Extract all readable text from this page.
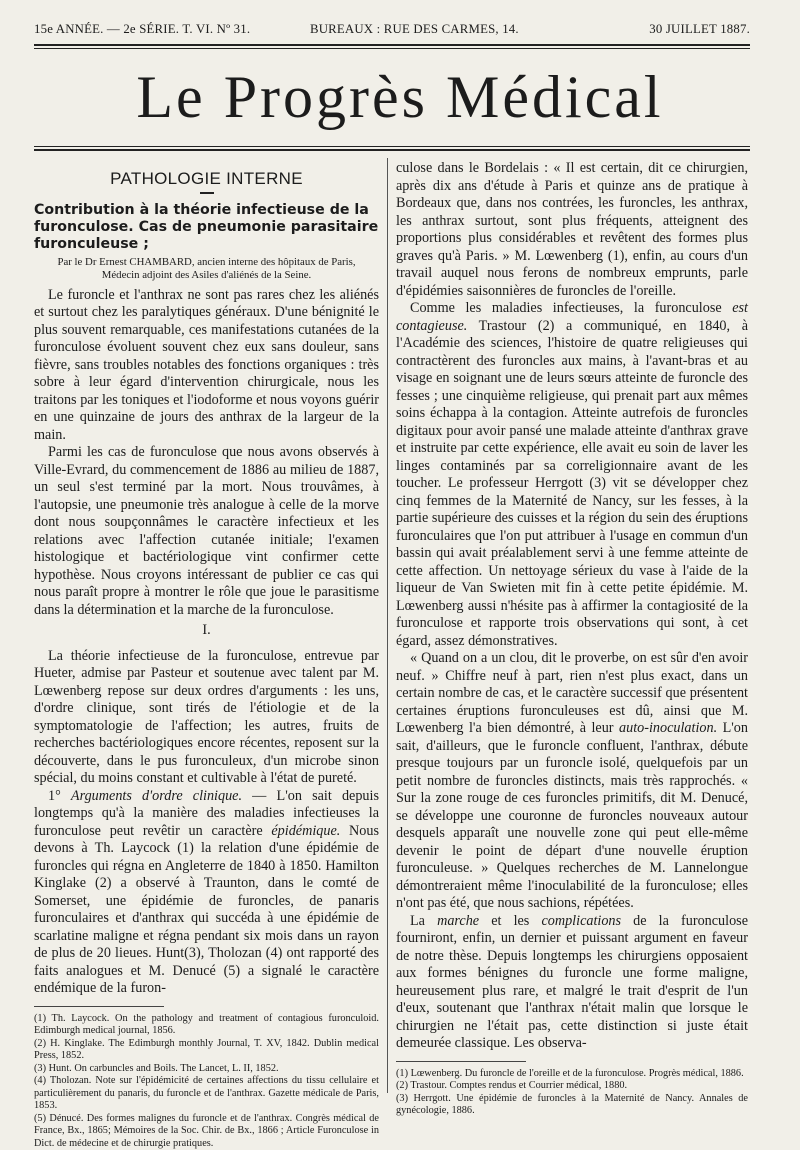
15e ANNÉE. — 2e SÉRIE. T. VI. Nº 31.	BUREAUX : RUE DES CARMES, 14.	30 JUILLET 1887.
Le Progrès Médical
PATHOLOGIE INTERNE
Contribution à la théorie infectieuse de la furonculose. Cas de pneumonie parasitaire furonculeuse ;
Par le Dr Ernest CHAMBARD, ancien interne des hôpitaux de Paris,
Médecin adjoint des Asiles d'aliénés de la Seine.

Le furoncle et l'anthrax ne sont pas rares chez les aliénés et surtout chez les paralytiques généraux. D'une bénignité le plus souvent remarquable, ces manifestations cutanées de la furonculose évoluent souvent chez eux sans douleur, sans fièvre, sans troubles notables des fonctions organiques : très sobre à leur égard d'intervention chirurgicale, nous les traitons par les toniques et l'iodoforme et nous voyons guérir en une quinzaine de jours des anthrax de la largeur de la main.

Parmi les cas de furonculose que nous avons observés à Ville-Evrard, du commencement de 1886 au milieu de 1887, un seul s'est terminé par la mort. Nous trouvâmes, à l'autopsie, une pneumonie très analogue à celle de la morve dont nous soupçonnâmes le caractère infectieux et les relations avec l'affection cutanée initiale; l'examen histologique et bactériologique vint confirmer cette hypothèse. Nous croyons intéressant de publier ce cas qui nous paraît propre à montrer le rôle que joue le parasitisme dans la détermination et la marche de la furonculose.

I.

La théorie infectieuse de la furonculose, entrevue par Hueter, admise par Pasteur et soutenue avec talent par M. Lœwenberg repose sur deux ordres d'arguments : les uns, d'ordre clinique, sont tirés de l'étiologie et de la symptomatologie de l'affection; les autres, fruits de recherches bactériologiques encore récentes, reposent sur la découverte, dans le pus furonculeux, d'un microbe sinon spécial, du moins constant et cultivable à l'état de pureté.

1° Arguments d'ordre clinique. — L'on sait depuis longtemps qu'à la manière des maladies infectieuses la furonculose peut revêtir un caractère épidémique. Nous devons à Th. Laycock (1) la relation d'une épidémie de furoncles qui régna en Angleterre de 1840 à 1850. Hamilton Kinglake (2) a observé à Traunton, dans le comté de Somerset, une épidémie de furoncles, de panaris furonculaires et d'anthrax qui succéda à une épidémie de scarlatine maligne et régna pendant six mois dans un rayon de plus de 20 lieues. Hunt(3), Tholozan (4) ont rapporté des faits analogues et M. Denucé (5) a signalé le caractère endémique de la furon-

(1) Th. Laycock. On the pathology and treatment of contagious furonculoid. Edimburgh medical journal, 1856.
(2) H. Kinglake. The Edimburgh monthly Journal, T. XV, 1842. Dublin medical Press, 1852.
(3) Hunt. On carbuncles and Boils. The Lancet, L. II, 1852.
(4) Tholozan. Note sur l'épidémicité de certaines affections du tissu cellulaire et particulièrement du panaris, du furoncle et de l'anthrax. Gazette médicale de Paris, 1853.
(5) Dénucé. Des formes malignes du furoncle et de l'anthrax. Congrès médical de France, Bx., 1865; Mémoires de la Soc. Chir. de Bx., 1866 ; Article Furonculose in Dict. de médecine et de chirurgie pratiques.

culose dans le Bordelais : « Il est certain, dit ce chirurgien, après dix ans d'étude à Paris et quinze ans de pratique à Bordeaux que, dans nos contrées, les furoncles, les anthrax, les anthrax surtout, sont plus fréquents, atteignent des proportions plus considérables et revêtent des formes plus graves qu'à Paris. » M. Lœwenberg (1), enfin, au cours d'un travail auquel nous ferons de nombreux emprunts, parle d'épidémies saisonnières de furoncles de l'oreille.

Comme les maladies infectieuses, la furonculose est contagieuse. Trastour (2) a communiqué, en 1840, à l'Académie des sciences, l'histoire de quatre religieuses qui contractèrent des furoncles aux mains, à l'avant-bras et au visage en soignant une de leurs sœurs atteinte de furoncle des fesses ; une cinquième religieuse, qui prenait part aux mêmes soins échappa à la contagion. Atteinte autrefois de furoncles digitaux pour avoir pansé une malade atteinte d'anthrax grave et instruite par cette expérience, elle avait eu soin de laver les linges contaminés par sa correligionnaire avant de les toucher. Le professeur Herrgott (3) vit se développer chez cinq femmes de la Maternité de Nancy, sur les fesses, à la partie supérieure des cuisses et la région du sein des éruptions furonculaires que l'on put attribuer à l'usage en commun d'un bassin qui avait préalablement servi à une femme atteinte de cette affection. Un nettoyage sérieux du vase à l'aide de la liqueur de Van Swieten mit fin à cette petite épidémie. M. Lœwenberg aussi n'hésite pas à affirmer la contagiosité de la furonculose et rapporte trois observations qui sont, à cet égard, assez démonstratives.

« Quand on a un clou, dit le proverbe, on est sûr d'en avoir neuf. » Chiffre neuf à part, rien n'est plus exact, dans un certain nombre de cas, et le caractère successif que présentent certaines éruptions furonculeuses est dû, ainsi que M. Lœwenberg l'a bien démontré, à leur auto-inoculation. L'on sait, d'ailleurs, que le furoncle confluent, l'anthrax, débute presque toujours par un furoncle isolé, quelquefois par un petit nombre de furoncles distincts, mais très rapprochés. « Sur la zone rouge de ces furoncles primitifs, dit M. Denucé, se développe une couronne de furoncles nouveaux autour desquels apparaît une nouvelle zone qui peut elle-même devenir le point de départ d'une nouvelle éruption furonculeuse. » Quelques recherches de M. Lannelongue démontreraient même l'inoculabilité de la furonculose; elles n'ont pas été, que nous sachions, répétées.

La marche et les complications de la furonculose fourniront, enfin, un dernier et puissant argument en faveur de notre thèse. Depuis longtemps les chirurgiens opposaient aux formes bénignes du furoncle une forme maligne, heureusement plus rare, et malgré le trait d'esprit de l'un d'eux, soutenant que l'anthrax n'était malin que lorsque le chirurgien ne l'était pas, cette distinction si juste était demeurée classique. Les observa-

(1) Lœwenberg. Du furoncle de l'oreille et de la furonculose. Progrès médical, 1886.
(2) Trastour. Comptes rendus et Courrier médical, 1880.
(3) Herrgott. Une épidémie de furoncles à la Maternité de Nancy. Annales de gynécologie, 1886.
